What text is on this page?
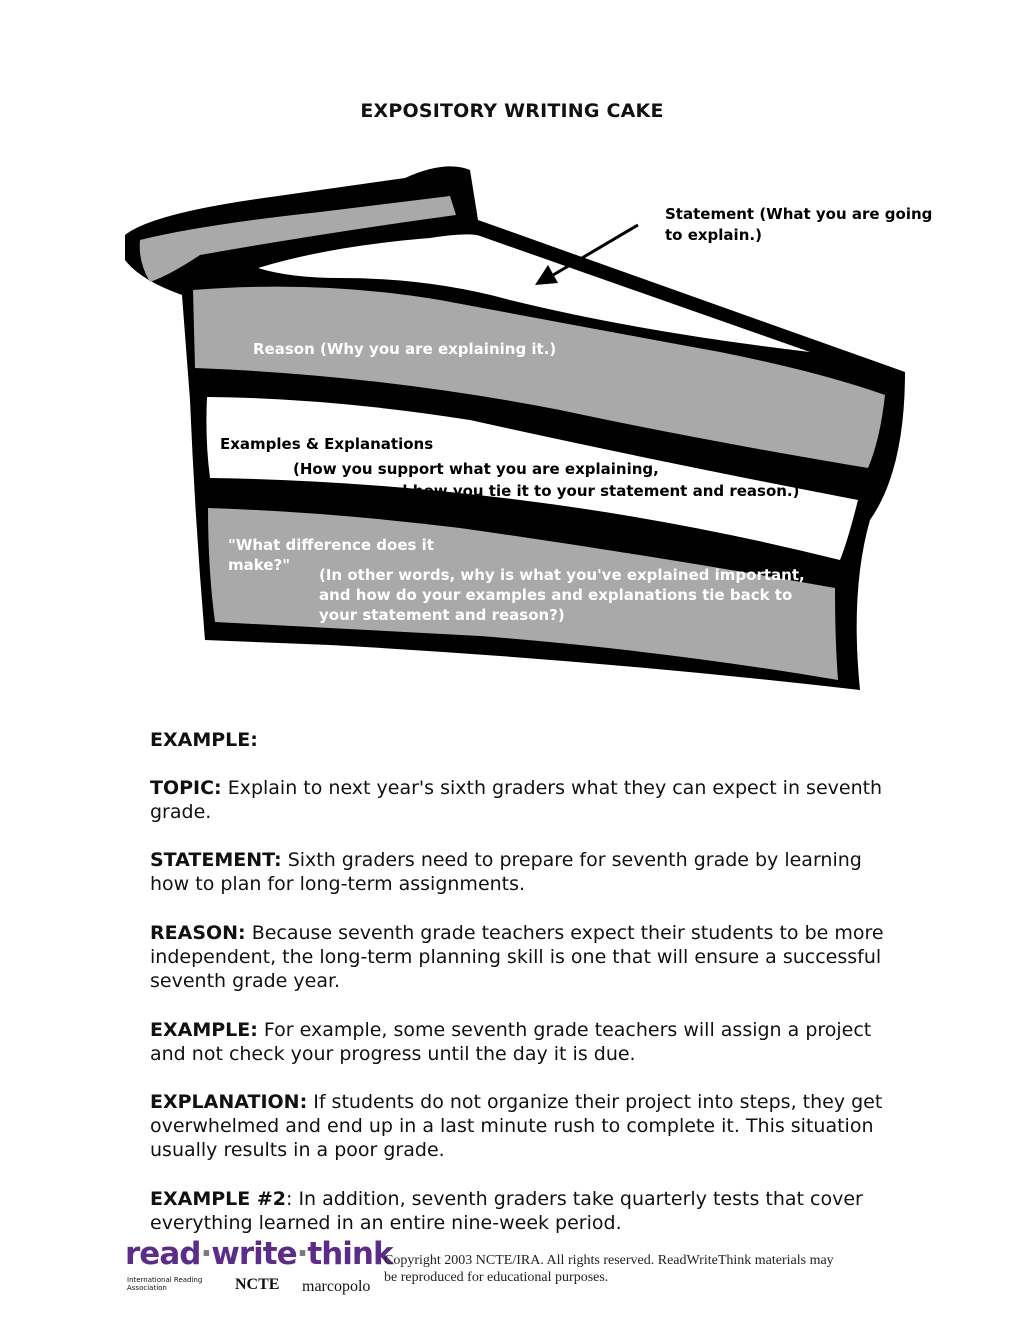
EXPOSITORY WRITING CAKE
Statement (What you are going to explain.)
Reason (Why you are explaining it.)
Examples & Explanations
(How you support what you are explaining,
and how you tie it to your statement and reason.)
"What difference does it
make?"
(In other words, why is what you've explained important,
and how do your examples and explanations tie back to
your statement and reason?)
EXAMPLE:

TOPIC: Explain to next year's sixth graders what they can expect in seventh grade.

STATEMENT: Sixth graders need to prepare for seventh grade by learning how to plan for long-term assignments.

REASON: Because seventh grade teachers expect their students to be more independent, the long-term planning skill is one that will ensure a successful seventh grade year.

EXAMPLE: For example, some seventh grade teachers will assign a project and not check your progress until the day it is due.

EXPLANATION: If students do not organize their project into steps, they get overwhelmed and end up in a last minute rush to complete it. This situation usually results in a poor grade.

EXAMPLE #2: In addition, seventh graders take quarterly tests that cover everything learned in an entire nine-week period.

read·write·think
International Reading Association	NCTE marcopolo
Copyright 2003 NCTE/IRA. All rights reserved. ReadWriteThink materials may be reproduced for educational purposes.
